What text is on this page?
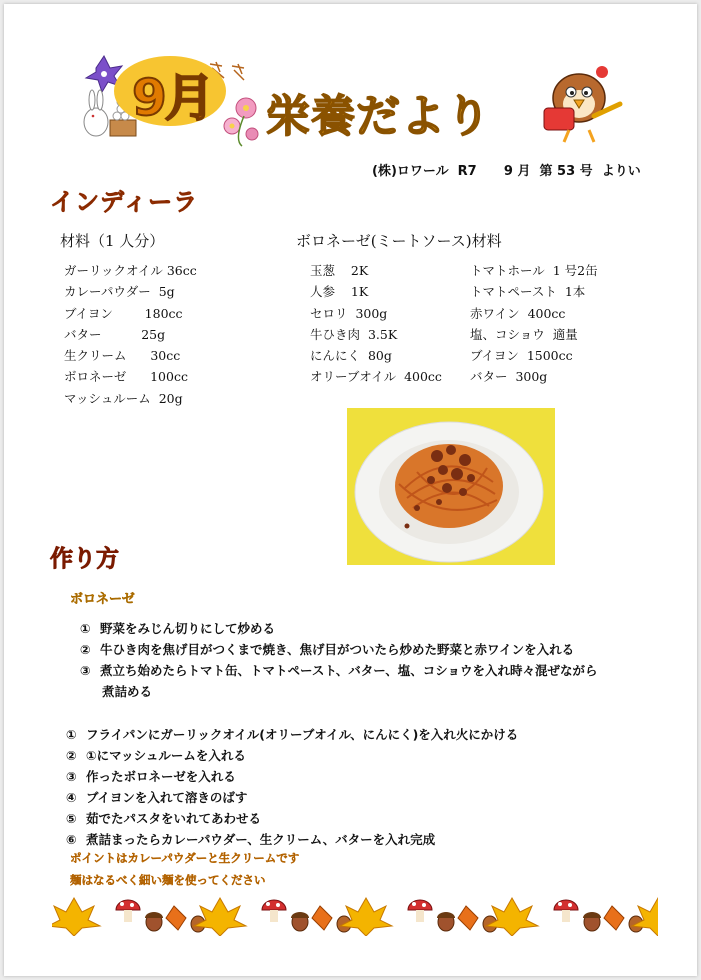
9月 栄養だより
(株)ロワール  R7      9 月  第 53 号  よりい
インディーラ
材料（1 人分）
ガーリックオイル 36cc
カレーパウダー  5g
ブイヨン        180cc
バター          25g
生クリーム      30cc
ボロネーゼ      100cc
マッシュルーム  20g
ボロネーゼ(ミートソース)材料
玉葱    2K
人参    1K
セロリ  300g
牛ひき肉  3.5K
にんにく  80g
オリーブオイル  400cc
トマトホール  1 号2缶
トマトペースト  1本
赤ワイン  400cc
塩、コショウ  適量
ブイヨン  1500cc
バター  300g
作り方
ボロネーゼ
① 野菜をみじん切りにして炒める
② 牛ひき肉を焦げ目がつくまで焼き、焦げ目がついたら炒めた野菜と赤ワインを入れる
③ 煮立ち始めたらトマト缶、トマトペースト、バター、塩、コショウを入れ時々混ぜながら
煮詰める
① フライパンにガーリックオイル(オリーブオイル、にんにく)を入れ火にかける
② ①にマッシュルームを入れる
③ 作ったボロネーゼを入れる
④ ブイヨンを入れて溶きのばす
⑤ 茹でたパスタをいれてあわせる
⑥ 煮詰まったらカレーパウダー、生クリーム、バターを入れ完成
ポイントはカレーパウダーと生クリームです
麺はなるべく細い麺を使ってください
